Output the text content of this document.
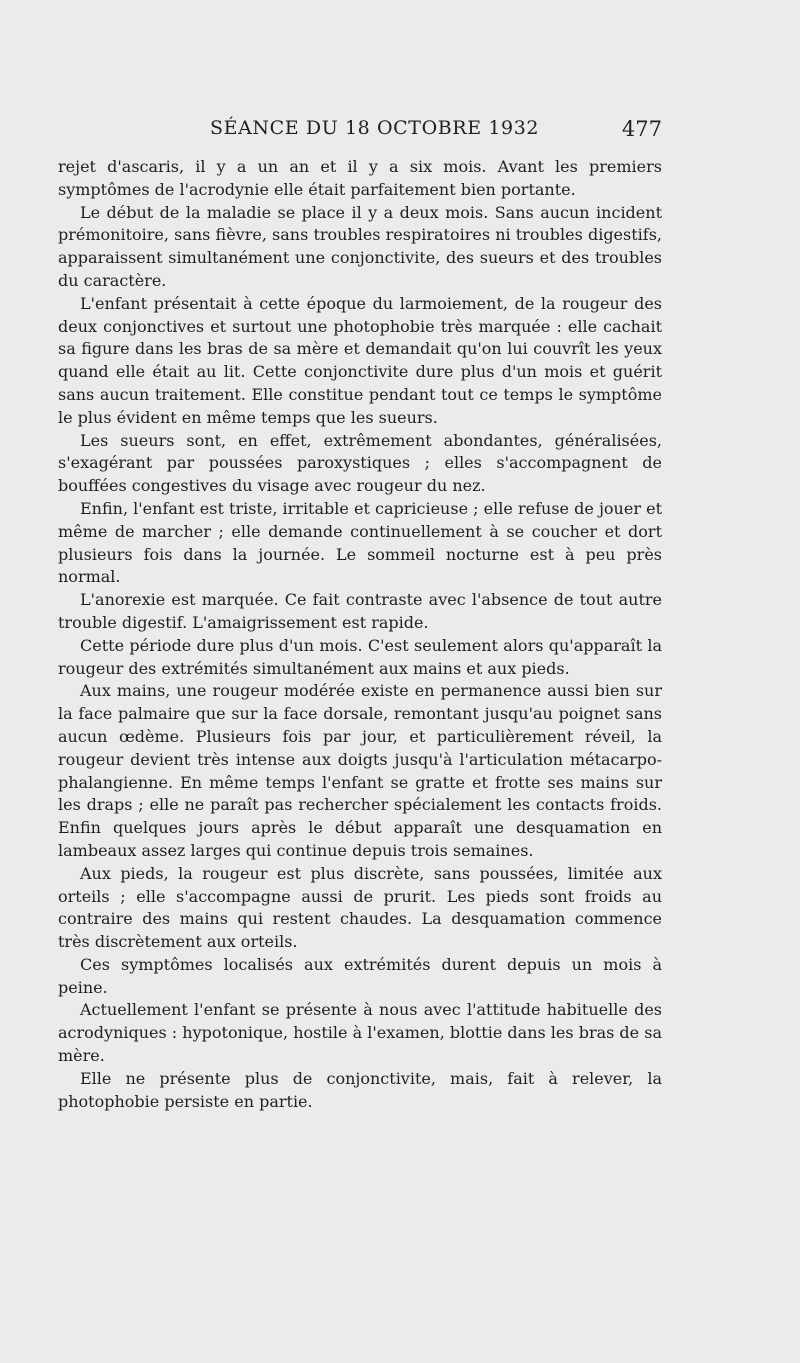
SÉANCE DU 18 OCTOBRE 1932	477

rejet d'ascaris, il y a un an et il y a six mois. Avant les premiers symptômes de l'acrodynie elle était parfaitement bien portante.

Le début de la maladie se place il y a deux mois. Sans aucun incident prémonitoire, sans fièvre, sans troubles respiratoires ni troubles digestifs, apparaissent simultanément une conjonctivite, des sueurs et des troubles du caractère.

L'enfant présentait à cette époque du larmoiement, de la rougeur des deux conjonctives et surtout une photophobie très marquée : elle cachait sa figure dans les bras de sa mère et demandait qu'on lui couvrît les yeux quand elle était au lit. Cette conjonctivite dure plus d'un mois et guérit sans aucun traitement. Elle constitue pendant tout ce temps le symptôme le plus évident en même temps que les sueurs.

Les sueurs sont, en effet, extrêmement abondantes, généralisées, s'exagérant par poussées paroxystiques ; elles s'accompagnent de bouffées congestives du visage avec rougeur du nez.

Enfin, l'enfant est triste, irritable et capricieuse ; elle refuse de jouer et même de marcher ; elle demande continuellement à se coucher et dort plusieurs fois dans la journée. Le sommeil nocturne est à peu près normal.

L'anorexie est marquée. Ce fait contraste avec l'absence de tout autre trouble digestif. L'amaigrissement est rapide.

Cette période dure plus d'un mois. C'est seulement alors qu'apparaît la rougeur des extrémités simultanément aux mains et aux pieds.

Aux mains, une rougeur modérée existe en permanence aussi bien sur la face palmaire que sur la face dorsale, remontant jusqu'au poignet sans aucun œdème. Plusieurs fois par jour, et particulièrement réveil, la rougeur devient très intense aux doigts jusqu'à l'articulation métacarpo-phalangienne. En même temps l'enfant se gratte et frotte ses mains sur les draps ; elle ne paraît pas rechercher spécialement les contacts froids. Enfin quelques jours après le début apparaît une desquamation en lambeaux assez larges qui continue depuis trois semaines.

Aux pieds, la rougeur est plus discrète, sans poussées, limitée aux orteils ; elle s'accompagne aussi de prurit. Les pieds sont froids au contraire des mains qui restent chaudes. La desquamation commence très discrètement aux orteils.

Ces symptômes localisés aux extrémités durent depuis un mois à peine.

Actuellement l'enfant se présente à nous avec l'attitude habituelle des acrodyniques : hypotonique, hostile à l'examen, blottie dans les bras de sa mère.

Elle ne présente plus de conjonctivite, mais, fait à relever, la photophobie persiste en partie.
